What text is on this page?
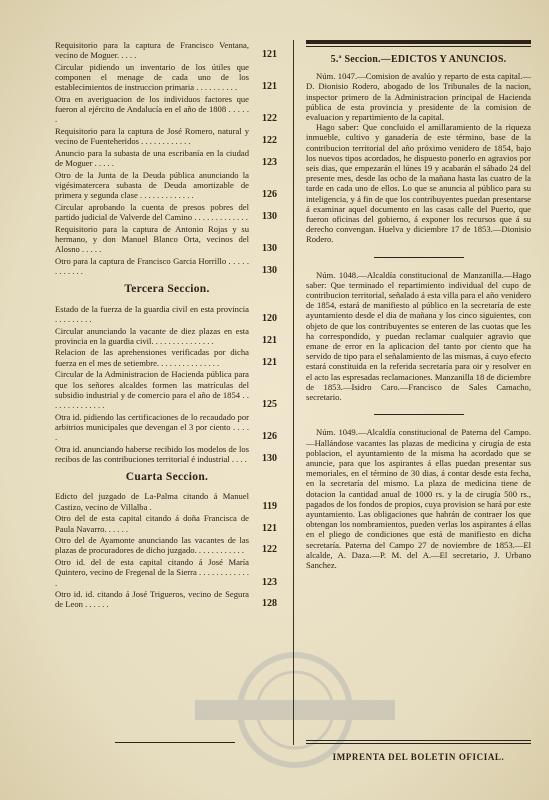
Requisitorio para la captura de Francisco Ventana, vecino de Moguer. . . . .	121
Circular pidiendo un inventario de los útiles que componen el menage de cada uno de los establecimientos de instruccion primaria . . . . . . . . . . 121
Otra en averiguacion de los individuos factores que fueron al ejército de Andalucía en el año de 1808 . . . . . .	122
Requisitorio para la captura de José Romero, natural y vecino de Fuenteheridos . . . . . . . . . . . .	122
Anuncio para la subasta de una escribanía en la ciudad de Moguer . . . . .	123
Otro de la Junta de la Deuda pública anunciando la vigésimatercera subasta de Deuda amortizable de primera y segunda clase . . . . . . . . . . . . .	126
Circular aprobando la cuenta de presos pobres del partido judicial de Valverde del Camino . . . . . . . . . . . . . 130
Requisitorio para la captura de Antonio Rojas y su hermano, y don Manuel Blanco Orta, vecinos del Alosno . . . . .	130
Otro para la captura de Francisco Garcia Horrillo . . . . . . . . . . . .	130
Tercera Seccion.
Estado de la fuerza de la guardia civil en esta provincia . . . . . . . . .	120
Circular anunciando la vacante de diez plazas en esta provincia en la guardia civil. . . . . . . . . . . . . . .	121
Relacion de las aprehensiones verificadas por dicha fuerza en el mes de setiembre. . . . . . . . . . . . . . .	121
Circular de la Administracion de Hacienda pública para que los señores alcaldes formen las matrículas del subsidio industrial y de comercio para el año de 1854 . . . . . . . . . . . . . .	125
Otra id. pidiendo las certificaciones de lo recaudado por arbitrios municipales que devengan el 3 por ciento . . . . .	126
Otra id. anunciando haberse recibido los modelos de los recibos de las contribuciones territorial é industrial . . . . 130
Cuarta Seccion.
Edicto del juzgado de La-Palma citando á Manuel Castizo, vecino de Villalba .	119
Otro del de esta capital citando á doña Francisca de Paula Navarro. . . . . .	121
Otro del de Ayamonte anunciando las vacantes de las plazas de procuradores de dicho juzgado. . . . . . . . . . . . 122
Otro id. del de esta capital citando á José María Quintero, vecino de Fregenal de la Sierra . . . . . . . . . . . . .	123
Otro id. id. citando á José Trigueros, vecino de Segura de Leon . . . . . .	128
5.ª Seccion.—EDICTOS Y ANUNCIOS.
Núm. 1047.—Comision de avalúo y reparto de esta capital.—D. Dionisio Rodero, abogado de los Tribunales de la nacion, inspector primero de la Administracion principal de Hacienda pública de esta provincia y presidente de la comision de evaluacion y repartimiento de la capital.
Hago saber: Que concluido el amillaramiento de la riqueza inmueble, cultivo y ganadería de este término, base de la contribucion territorial del año próximo venidero de 1854, bajo los nuevos tipos acordados, he dispuesto ponerlo en agravios por seis dias, que empezarán el lúnes 19 y acabarán el sábado 24 del presente mes, desde las ocho de la mañana hasta las cuatro de la tarde en cada uno de ellos. Lo que se anuncia al público para su inteligencia, y á fin de que los contribuyentes puedan presentarse á examinar aquel documento en las casas calle del Puerto, que fueron oficinas del gobierno, á exponer los recursos que á su derecho convengan. Huelva y diciembre 17 de 1853.—Dionisio Rodero.
Núm. 1048.—Alcaldía constitucional de Manzanilla.—Hago saber: Que terminado el repartimiento individual del cupo de contribucion territorial, señalado á esta villa para el año venidero de 1854, estará de manifiesto al público en la secretaría de este ayuntamiento desde el dia de mañana y los cinco siguientes, con objeto de que los contribuyentes se enteren de las cuotas que les ha correspondido, y puedan reclamar cualquier agravio que emane de error en la aplicacion del tanto por ciento que ha servido de tipo para el señalamiento de las mismas, á cuyo efecto estará constituida en la referida secretaría para oir y resolver en el acto las espresadas reclamaciones. Manzanilla 18 de diciembre de 1853.—Isidro Caro.—Francisco de Sales Camacho, secretario.
Núm. 1049.—Alcaldía constitucional de Paterna del Campo.—Hallándose vacantes las plazas de medicina y cirugía de esta poblacion, el ayuntamiento de la misma ha acordado que se anuncie, para que los aspirantes á ellas puedan presentar sus memoriales, en el término de 30 dias, á contar desde esta fecha, en la secretaría del mismo. La plaza de medicina tiene de dotacion la cantidad anual de 1000 rs. y la de cirugía 500 rs., pagados de los fondos de propios, cuya provision se hará por este ayuntamiento. Las obligaciones que habrán de contraer los que obtengan los nombramientos, pueden verlas los aspirantes á ellas en el pliego de condiciones que está de manifiesto en dicha secretaría. Paterna del Campo 27 de noviembre de 1853.—El alcalde, A. Daza.—P. M. del A.—El secretario, J. Urbano Sanchez.
IMPRENTA DEL BOLETIN OFICIAL.
